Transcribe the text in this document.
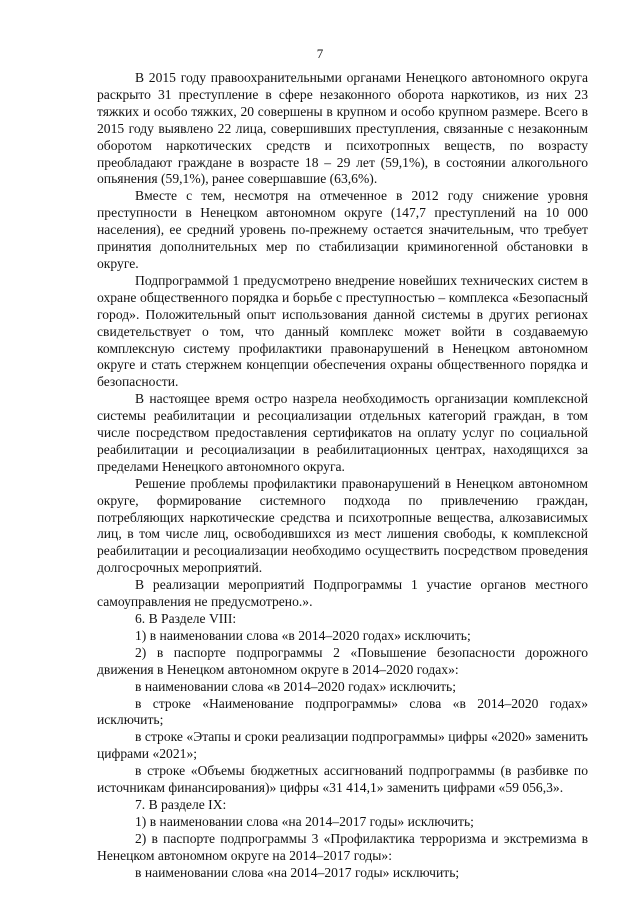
7

В 2015 году правоохранительными органами Ненецкого автономного округа раскрыто 31 преступление в сфере незаконного оборота наркотиков, из них 23 тяжких и особо тяжких, 20 совершены в крупном и особо крупном размере. Всего в 2015 году выявлено 22 лица, совершивших преступления, связанные с незаконным оборотом наркотических средств и психотропных веществ, по возрасту преобладают граждане в возрасте 18 – 29 лет (59,1%), в состоянии алкогольного опьянения (59,1%), ранее совершавшие (63,6%).

Вместе с тем, несмотря на отмеченное в 2012 году снижение уровня преступности в Ненецком автономном округе (147,7 преступлений на 10 000 населения), ее средний уровень по-прежнему остается значительным, что требует принятия дополнительных мер по стабилизации криминогенной обстановки в округе.

Подпрограммой 1 предусмотрено внедрение новейших технических систем в охране общественного порядка и борьбе с преступностью – комплекса «Безопасный город». Положительный опыт использования данной системы в других регионах свидетельствует о том, что данный комплекс может войти в создаваемую комплексную систему профилактики правонарушений в Ненецком автономном округе и стать стержнем концепции обеспечения охраны общественного порядка и безопасности.

В настоящее время остро назрела необходимость организации комплексной системы реабилитации и ресоциализации отдельных категорий граждан, в том числе посредством предоставления сертификатов на оплату услуг по социальной реабилитации и ресоциализации в реабилитационных центрах, находящихся за пределами Ненецкого автономного округа.

Решение проблемы профилактики правонарушений в Ненецком автономном округе, формирование системного подхода по привлечению граждан, потребляющих наркотические средства и психотропные вещества, алкозависимых лиц, в том числе лиц, освободившихся из мест лишения свободы, к комплексной реабилитации и ресоциализации необходимо осуществить посредством проведения долгосрочных мероприятий.

В реализации мероприятий Подпрограммы 1 участие органов местного самоуправления не предусмотрено.».

6. В Разделе VIII:

1) в наименовании слова «в 2014–2020 годах» исключить;

2) в паспорте подпрограммы 2 «Повышение безопасности дорожного движения в Ненецком автономном округе в 2014–2020 годах»:

в наименовании слова «в 2014–2020 годах» исключить;

в строке «Наименование подпрограммы» слова «в 2014–2020 годах» исключить;

в строке «Этапы и сроки реализации подпрограммы» цифры «2020» заменить цифрами «2021»;

в строке «Объемы бюджетных ассигнований подпрограммы (в разбивке по источникам финансирования)» цифры «31 414,1» заменить цифрами «59 056,3».

7. В разделе IX:

1) в наименовании слова «на 2014–2017 годы» исключить;

2) в паспорте подпрограммы 3 «Профилактика терроризма и экстремизма в Ненецком автономном округе на 2014–2017 годы»:

в наименовании слова «на 2014–2017 годы» исключить;
